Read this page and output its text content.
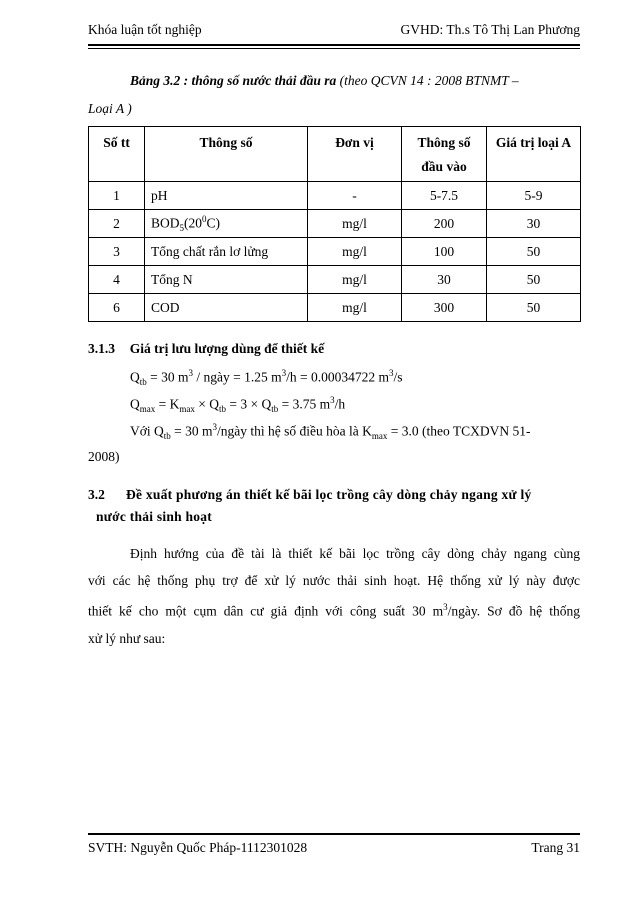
Khóa luận tốt nghiệp	GVHD: Th.s Tô Thị Lan Phương
Bảng 3.2 : thông số nước thải đầu ra (theo QCVN 14 : 2008 BTNMT –
Loại A )
Số tt	Thông số	Đơn vị	Thông số đầu vào	Giá trị loại A
1	pH	-	5-7.5	5-9
2	$BOD_5(20^0C)$	mg/l	200	30
3	Tổng chất rắn lơ lửng	mg/l	100	50
4	Tổng N	mg/l	30	50
6	COD	mg/l	300	50
3.1.3 Giá trị lưu lượng dùng để thiết kế
$Q_{tb} = 30$ $m^3$ / ngày = 1.25 $m^3/h = 0.00034722$ $m^3/s$
$Q_{max} = K_{max} \times Q_{tb} = 3 \times Q_{tb} = 3.75$ $m^3/h$
Với $Q_{tb} = 30$ $m^3$/ngày thì hệ số điều hòa là $K_{max} = 3.0$ (theo TCXDVN 51-
2008)
3.2 Đề xuất phương án thiết kế bãi lọc trồng cây dòng chảy ngang xử lý
nước thải sinh hoạt
Định hướng của đề tài là thiết kế bãi lọc trồng cây dòng chảy ngang cùng
với các hệ thống phụ trợ để xử lý nước thải sinh hoạt. Hệ thống xử lý này được
thiết kế cho một cụm dân cư giả định với công suất 30 $m^3$/ngày. Sơ đồ hệ thống
xử lý như sau:
SVTH: Nguyễn Quốc Pháp-1112301028	Trang 31
